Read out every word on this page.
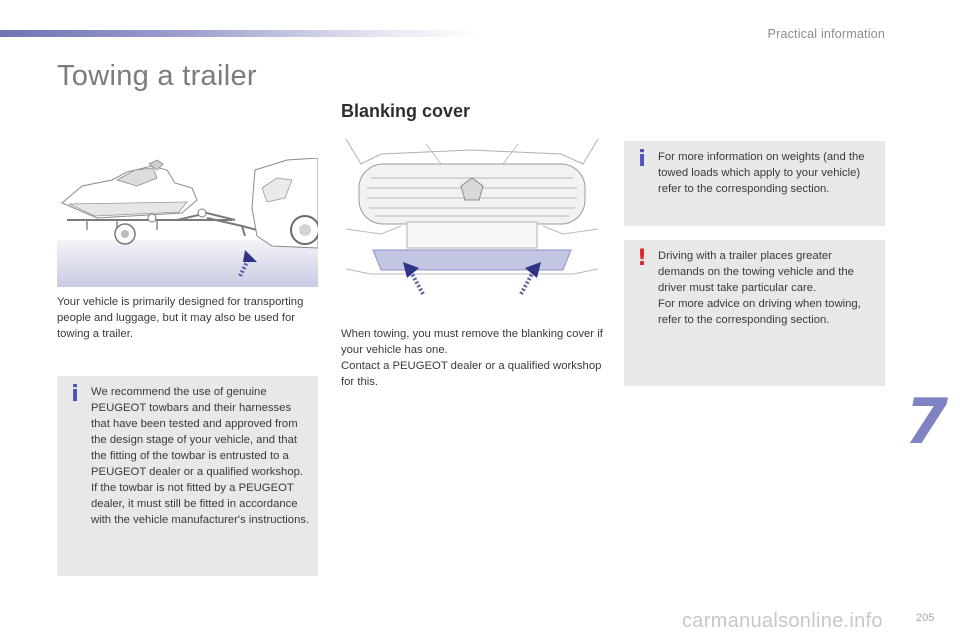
Practical information
Towing a trailer
Blanking cover

Your vehicle is primarily designed for transporting people and luggage, but it may also be used for towing a trailer.	When towing, you must remove the blanking cover if your vehicle has one.
Contact a PEUGEOT dealer or a qualified workshop for this.

i	We recommend the use of genuine PEUGEOT towbars and their harnesses that have been tested and approved from the design stage of your vehicle, and that the fitting of the towbar is entrusted to a PEUGEOT dealer or a qualified workshop.
If the towbar is not fitted by a PEUGEOT dealer, it must still be fitted in accordance with the vehicle manufacturer's instructions.

i	For more information on weights (and the towed loads which apply to your vehicle) refer to the corresponding section.

! Driving with a trailer places greater demands on the towing vehicle and the driver must take particular care.
For more advice on driving when towing, refer to the corresponding section.

7
205
carmanualsonline.info
